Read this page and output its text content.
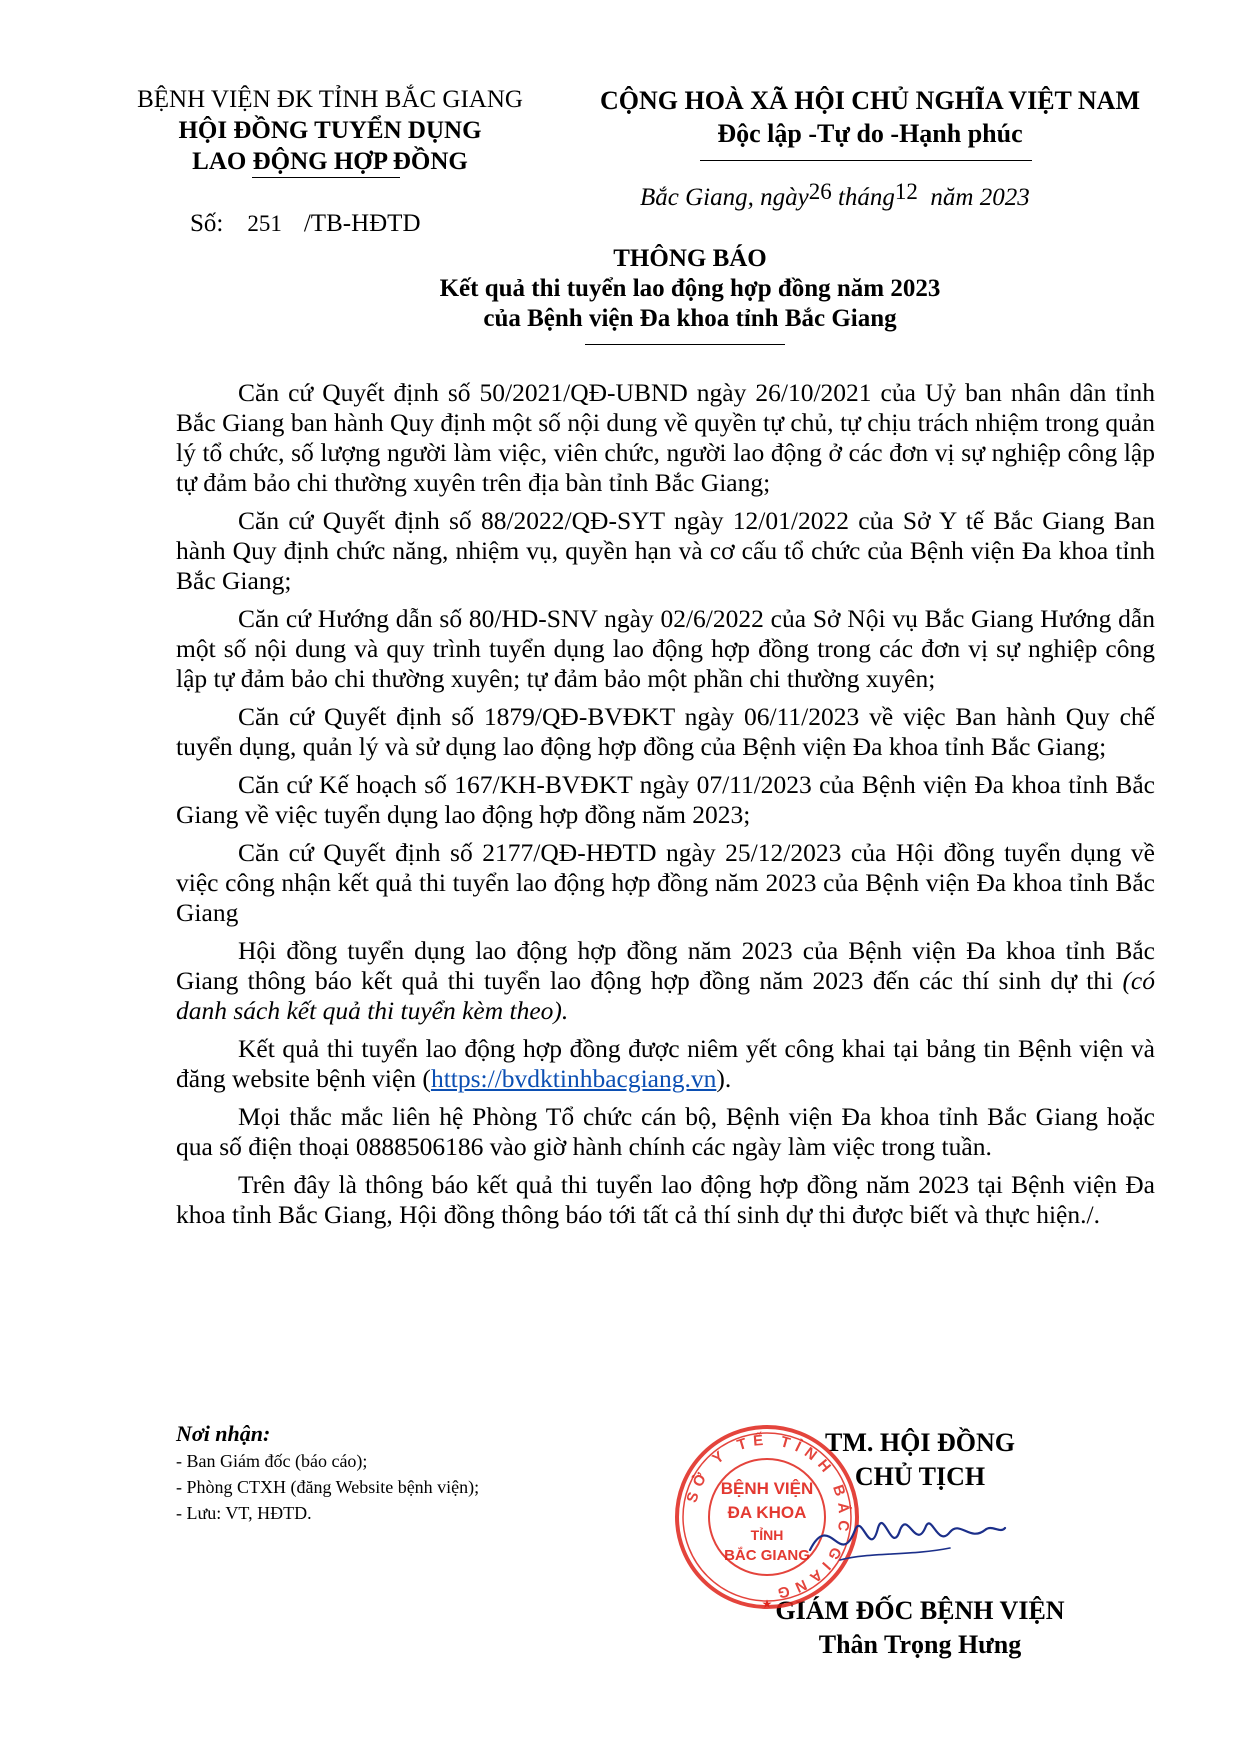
BỆNH VIỆN ĐK TỈNH BẮC GIANG
HỘI ĐỒNG TUYỂN DỤNG
LAO ĐỘNG HỢP ĐỒNG
Số: 251 /TB-HĐTD
CỘNG HOÀ XÃ HỘI CHỦ NGHĨA VIỆT NAM
Độc lập -Tự do -Hạnh phúc
Bắc Giang, ngày26 tháng12 năm 2023
THÔNG BÁO
Kết quả thi tuyển lao động hợp đồng năm 2023
của Bệnh viện Đa khoa tỉnh Bắc Giang

Căn cứ Quyết định số 50/2021/QĐ-UBND ngày 26/10/2021 của Uỷ ban nhân dân tỉnh Bắc Giang ban hành Quy định một số nội dung về quyền tự chủ, tự chịu trách nhiệm trong quản lý tổ chức, số lượng người làm việc, viên chức, người lao động ở các đơn vị sự nghiệp công lập tự đảm bảo chi thường xuyên trên địa bàn tỉnh Bắc Giang;

Căn cứ Quyết định số 88/2022/QĐ-SYT ngày 12/01/2022 của Sở Y tế Bắc Giang Ban hành Quy định chức năng, nhiệm vụ, quyền hạn và cơ cấu tổ chức của Bệnh viện Đa khoa tỉnh Bắc Giang;

Căn cứ Hướng dẫn số 80/HD-SNV ngày 02/6/2022 của Sở Nội vụ Bắc Giang Hướng dẫn một số nội dung và quy trình tuyển dụng lao động hợp đồng trong các đơn vị sự nghiệp công lập tự đảm bảo chi thường xuyên; tự đảm bảo một phần chi thường xuyên;

Căn cứ Quyết định số 1879/QĐ-BVĐKT ngày 06/11/2023 về việc Ban hành Quy chế tuyển dụng, quản lý và sử dụng lao động hợp đồng của Bệnh viện Đa khoa tỉnh Bắc Giang;

Căn cứ Kế hoạch số 167/KH-BVĐKT ngày 07/11/2023 của Bệnh viện Đa khoa tỉnh Bắc Giang về việc tuyển dụng lao động hợp đồng năm 2023;

Căn cứ Quyết định số 2177/QĐ-HĐTD ngày 25/12/2023 của Hội đồng tuyển dụng về việc công nhận kết quả thi tuyển lao động hợp đồng năm 2023 của Bệnh viện Đa khoa tỉnh Bắc Giang

Hội đồng tuyển dụng lao động hợp đồng năm 2023 của Bệnh viện Đa khoa tỉnh Bắc Giang thông báo kết quả thi tuyển lao động hợp đồng năm 2023 đến các thí sinh dự thi (có danh sách kết quả thi tuyển kèm theo).

Kết quả thi tuyển lao động hợp đồng được niêm yết công khai tại bảng tin Bệnh viện và đăng website bệnh viện (https://bvdktinhbacgiang.vn).

Mọi thắc mắc liên hệ Phòng Tổ chức cán bộ, Bệnh viện Đa khoa tỉnh Bắc Giang hoặc qua số điện thoại 0888506186 vào giờ hành chính các ngày làm việc trong tuần.

Trên đây là thông báo kết quả thi tuyển lao động hợp đồng năm 2023 tại Bệnh viện Đa khoa tỉnh Bắc Giang, Hội đồng thông báo tới tất cả thí sinh dự thi được biết và thực hiện./.

Nơi nhận:
- Ban Giám đốc (báo cáo);
- Phòng CTXH (đăng Website bệnh viện);
- Lưu: VT, HĐTD.
TM. HỘI ĐỒNG
CHỦ TỊCH
GIÁM ĐỐC BỆNH VIỆN
Thân Trọng Hưng
SỞ Y TẾ TỈNH BẮC GIANG
BỆNH VIỆN
ĐA KHOA
TỈNH
BẮC GIANG
★
